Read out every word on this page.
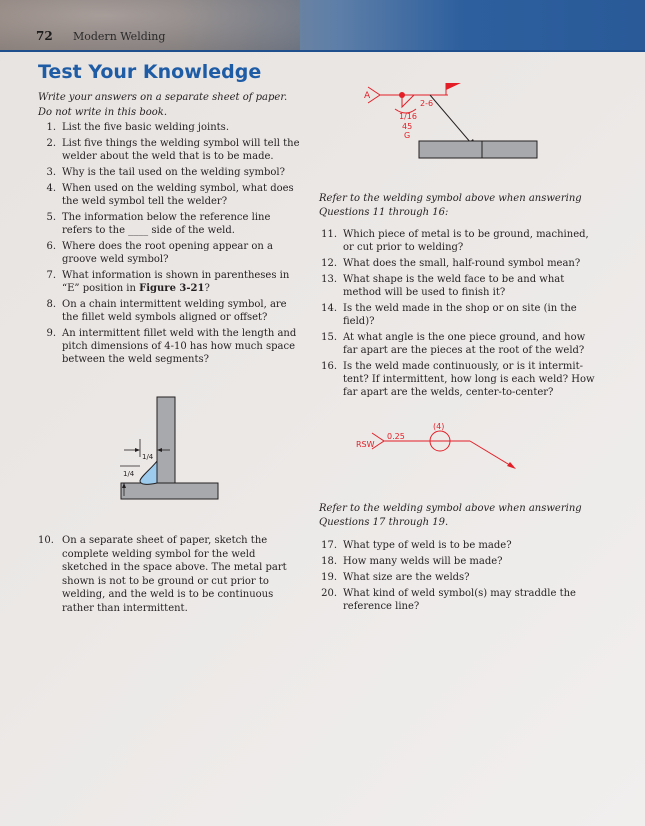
72 Modern Welding
Test Your Knowledge

Write your answers on a separate sheet of paper. Do not write in this book.

1. List the five basic welding joints.
2. List five things the welding symbol will tell the welder about the weld that is to be made.
3. Why is the tail used on the welding symbol?
4. When used on the welding symbol, what does the weld symbol tell the welder?
5. The information below the reference line refers to the ____ side of the weld.
6. Where does the root opening appear on a groove weld symbol?
7. What information is shown in parentheses in “E” position in Figure 3-21?
8. On a chain intermittent welding symbol, are the fillet weld symbols aligned or offset?
9. An intermittent fillet weld with the length and pitch dimensions of 4-10 has how much space between the weld segments?
1/4
1/4
10. On a separate sheet of paper, sketch the complete welding symbol for the weld sketched in the space above. The metal part shown is not to be ground or cut prior to welding, and the weld is to be continuous rather than intermittent.
A
2-6
1/16
45
G

Refer to the welding symbol above when answering Questions 11 through 16:

11. Which piece of metal is to be ground, machined, or cut prior to welding?
12. What does the small, half-round symbol mean?
13. What shape is the weld face to be and what method will be used to finish it?
14. Is the weld made in the shop or on site (in the field)?
15. At what angle is the one piece ground, and how far apart are the pieces at the root of the weld?
16. Is the weld made continuously, or is it intermit-tent? If intermittent, how long is each weld? How far apart are the welds, center-to-center?
RSW
0.25
(4)

Refer to the welding symbol above when answering Questions 17 through 19.

17. What type of weld is to be made?
18. How many welds will be made?
19. What size are the welds?
20. What kind of weld symbol(s) may straddle the reference line?
